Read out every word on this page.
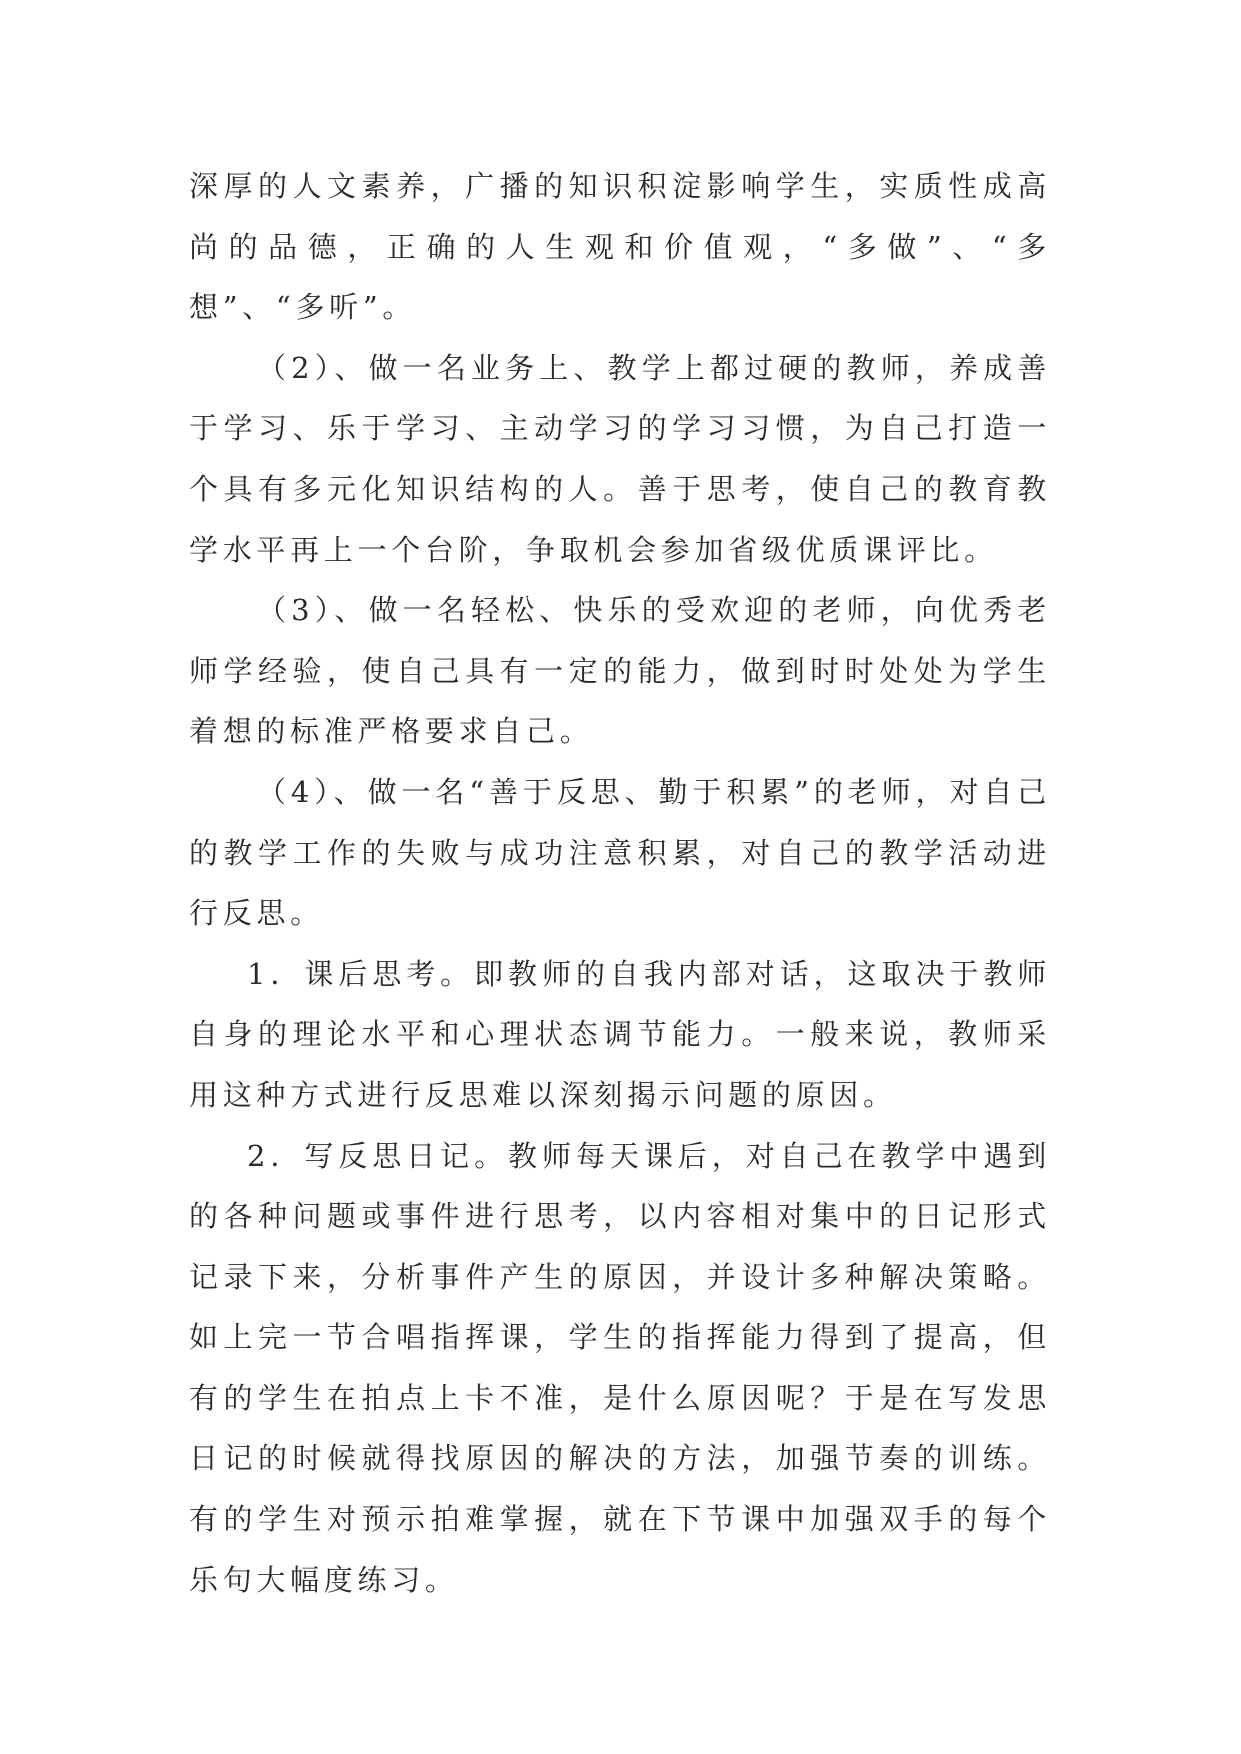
深厚的人文素养，广播的知识积淀影响学生，实质性成高尚的品德，正确的人生观和价值观，“多做”、“多想”、“多听”。

（2）、做一名业务上、教学上都过硬的教师，养成善于学习、乐于学习、主动学习的学习习惯，为自己打造一个具有多元化知识结构的人。善于思考，使自己的教育教学水平再上一个台阶，争取机会参加省级优质课评比。

（3）、做一名轻松、快乐的受欢迎的老师，向优秀老师学经验，使自己具有一定的能力，做到时时处处为学生着想的标准严格要求自己。

（4）、做一名“善于反思、勤于积累”的老师，对自己的教学工作的失败与成功注意积累，对自己的教学活动进行反思。

1．课后思考。即教师的自我内部对话，这取决于教师自身的理论水平和心理状态调节能力。一般来说，教师采用这种方式进行反思难以深刻揭示问题的原因。

2．写反思日记。教师每天课后，对自己在教学中遇到的各种问题或事件进行思考，以内容相对集中的日记形式记录下来，分析事件产生的原因，并设计多种解决策略。如上完一节合唱指挥课，学生的指挥能力得到了提高，但有的学生在拍点上卡不准，是什么原因呢？于是在写发思日记的时候就得找原因的解决的方法，加强节奏的训练。有的学生对预示拍难掌握，就在下节课中加强双手的每个乐句大幅度练习。
